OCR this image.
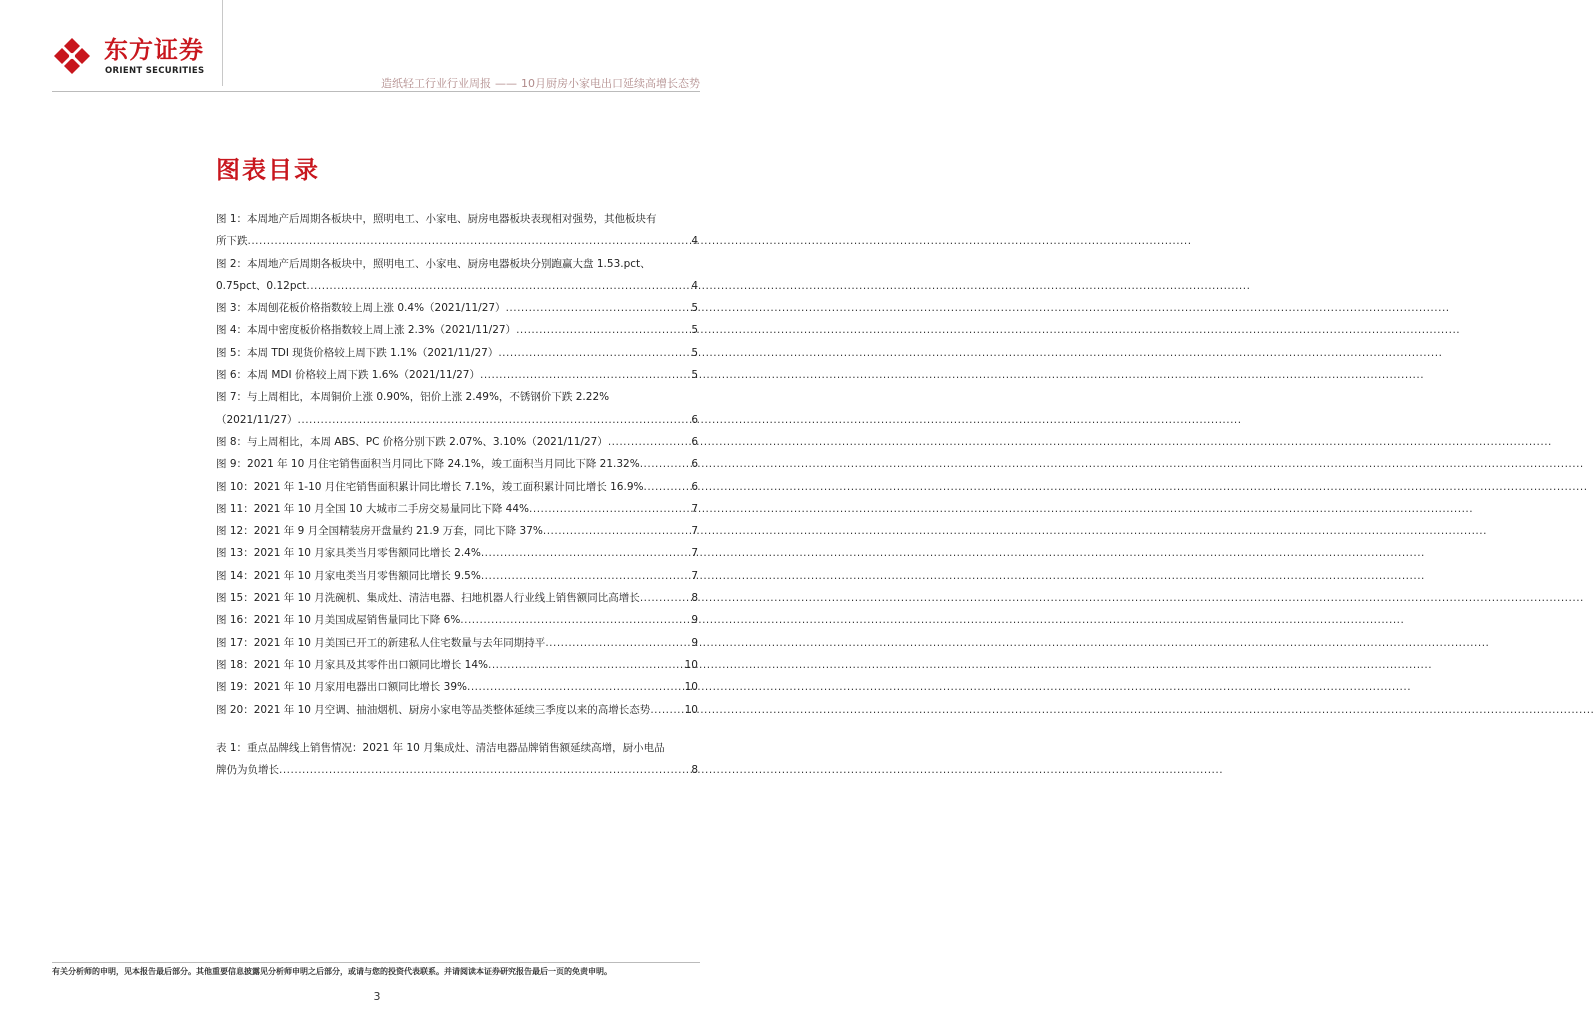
东方证券
ORIENT SECURITIES
造纸轻工行业行业周报 —— 10月厨房小家电出口延续高增长态势
图表目录
图 1：本周地产后周期各板块中，照明电工、小家电、厨房电器板块表现相对强势，其他板块有
所下跌 .....	4
图 2：本周地产后周期各板块中，照明电工、小家电、厨房电器板块分别跑赢大盘 1.53.pct、
0.75pct、0.12pct .....	4
图 3：本周刨花板价格指数较上周上涨 0.4%（2021/11/27） .....	5
图 4：本周中密度板价格指数较上周上涨 2.3%（2021/11/27） .....	5
图 5：本周 TDI 现货价格较上周下跌 1.1%（2021/11/27） .....	5
图 6：本周 MDI 价格较上周下跌 1.6%（2021/11/27） .....	5
图 7：与上周相比，本周铜价上涨 0.90%，铝价上涨 2.49%，不锈钢价下跌 2.22%
（2021/11/27） .....	6
图 8：与上周相比，本周 ABS、PC 价格分别下跌 2.07%、3.10%（2021/11/27） .....	6
图 9：2021 年 10 月住宅销售面积当月同比下降 24.1%，竣工面积当月同比下降 21.32% .....	6
图 10：2021 年 1-10 月住宅销售面积累计同比增长 7.1%，竣工面积累计同比增长 16.9% .....	6
图 11：2021 年 10 月全国 10 大城市二手房交易量同比下降 44% .....	7
图 12：2021 年 9 月全国精装房开盘量约 21.9 万套，同比下降 37% .....	7
图 13：2021 年 10 月家具类当月零售额同比增长 2.4% .....	7
图 14：2021 年 10 月家电类当月零售额同比增长 9.5% .....	7
图 15：2021 年 10 月洗碗机、集成灶、清洁电器、扫地机器人行业线上销售额同比高增长 .....	8
图 16：2021 年 10 月美国成屋销售量同比下降 6% .....	9
图 17：2021 年 10 月美国已开工的新建私人住宅数量与去年同期持平 .....	9
图 18：2021 年 10 月家具及其零件出口额同比增长 14% .....	10
图 19：2021 年 10 月家用电器出口额同比增长 39% .....	10
图 20：2021 年 10 月空调、抽油烟机、厨房小家电等品类整体延续三季度以来的高增长态势 .....	10
表 1：重点品牌线上销售情况：2021 年 10 月集成灶、清洁电器品牌销售额延续高增，厨小电品
牌仍为负增长 .....	8
有关分析师的申明，见本报告最后部分。其他重要信息披露见分析师申明之后部分，或请与您的投资代表联系。并请阅读本证券研究报告最后一页的免责申明。
3
